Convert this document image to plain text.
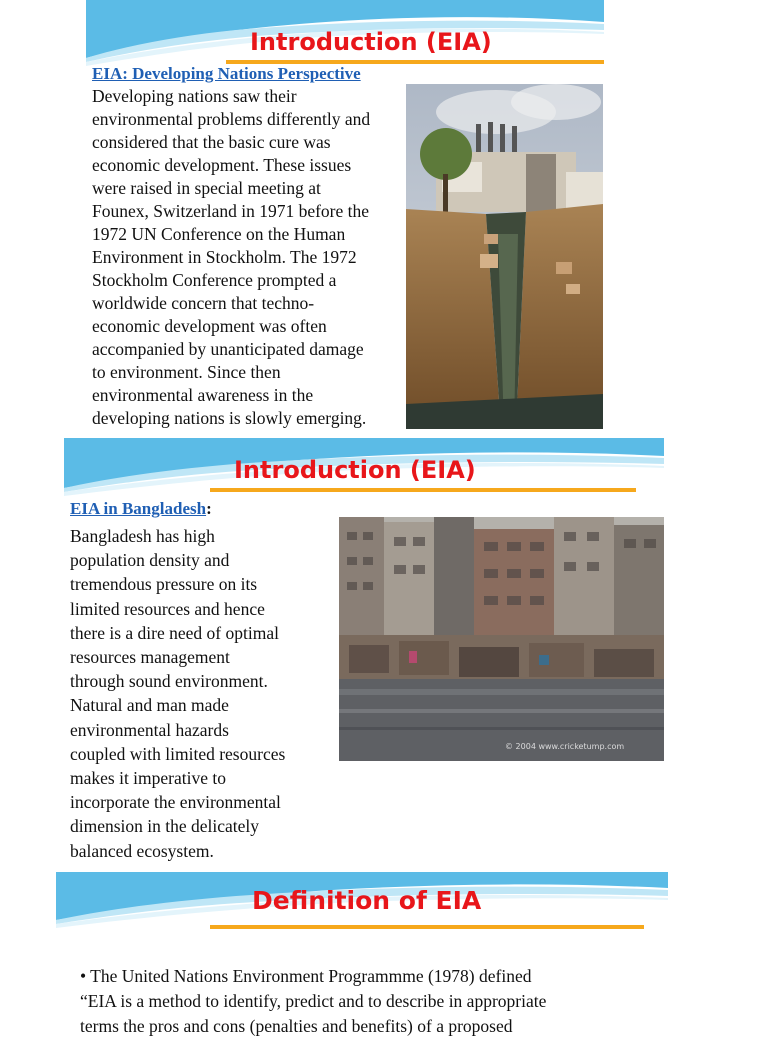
Introduction (EIA)
EIA: Developing Nations Perspective
Developing nations saw their
environmental problems differently and
considered that the basic cure was
economic development. These issues
were raised in special meeting at
Founex, Switzerland in 1971 before the
1972 UN Conference on the Human
Environment in Stockholm. The 1972
Stockholm Conference prompted a
worldwide concern that techno-
economic development was often
accompanied by unanticipated damage
to environment. Since then
environmental awareness in the
developing nations is slowly emerging.
Introduction (EIA)
EIA in Bangladesh:
Bangladesh has high
population density and
tremendous pressure on its
limited resources and hence
there is a dire need of optimal
resources management
through sound environment.
Natural and man made
environmental hazards
coupled with limited resources
makes it imperative to
incorporate the environmental
dimension in the delicately
balanced ecosystem.
© 2004 www.cricketump.com
Definition of EIA
• The United Nations Environment Programmme (1978) defined
“EIA is a method to identify, predict and to describe in appropriate
terms the pros and cons (penalties and benefits) of a proposed
